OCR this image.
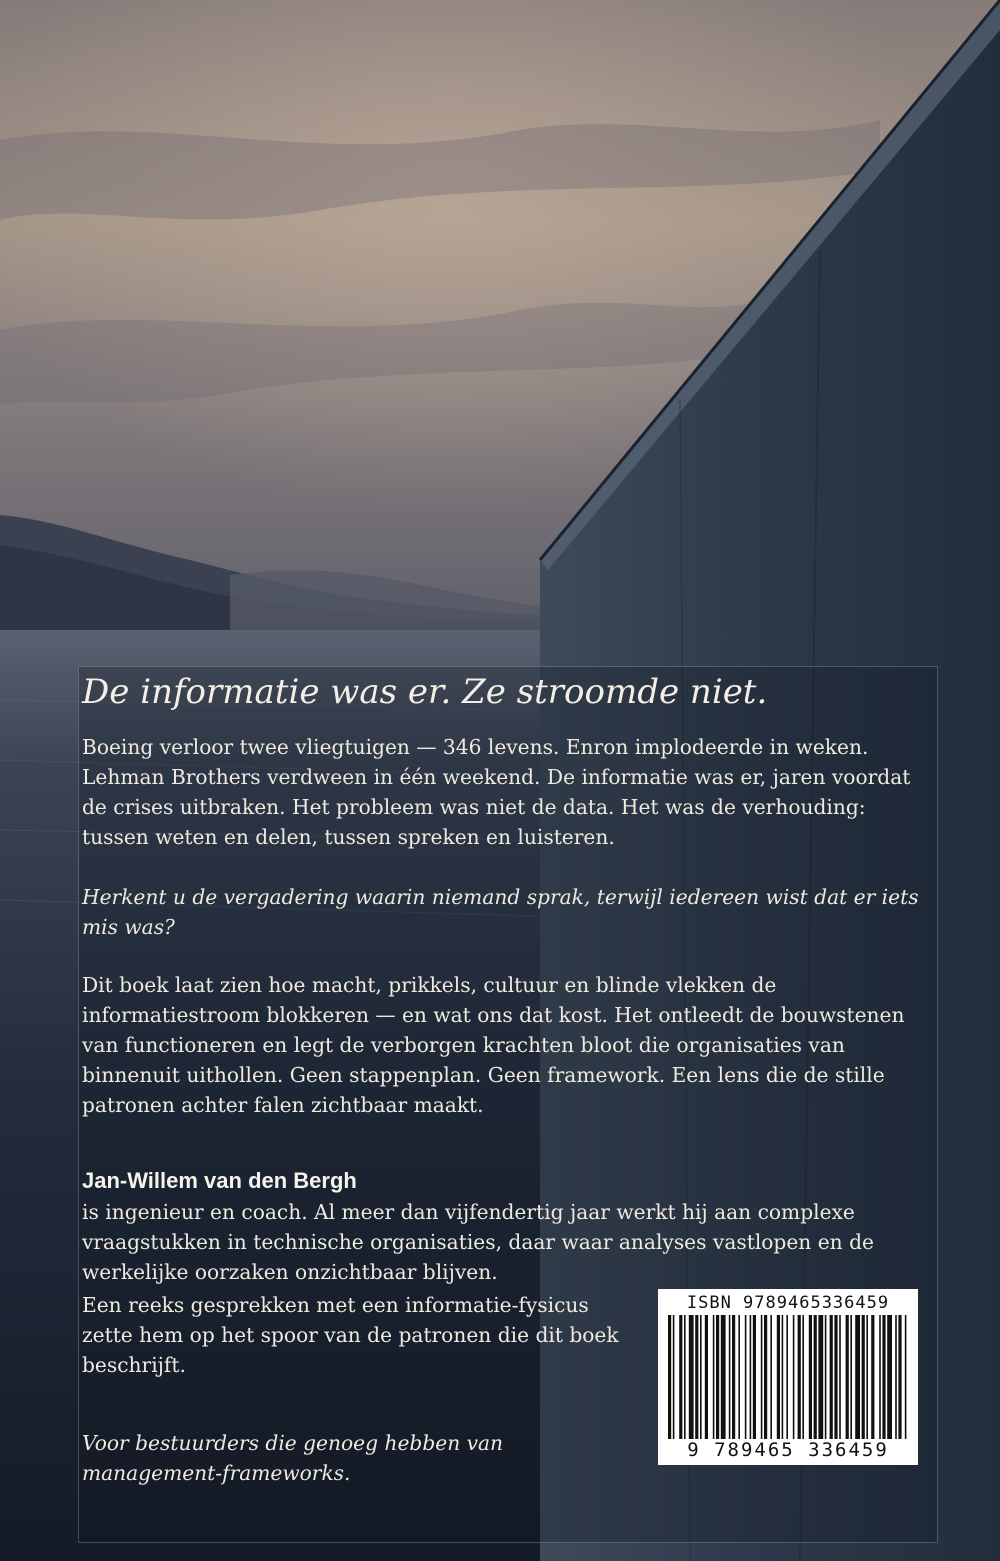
De informatie was er. Ze stroomde niet.

Boeing verloor twee vliegtuigen — 346 levens. Enron implodeerde in weken. Lehman Brothers verdween in één weekend. De informatie was er, jaren voordat de crises uitbraken. Het probleem was niet de data. Het was de verhouding: tussen weten en delen, tussen spreken en luisteren.

Herkent u de vergadering waarin niemand sprak, terwijl iedereen wist dat er iets mis was?

Dit boek laat zien hoe macht, prikkels, cultuur en blinde vlekken de informatiestroom blokkeren — en wat ons dat kost. Het ontleedt de bouwstenen van functioneren en legt de verborgen krachten bloot die organisaties van binnenuit uithollen. Geen stappenplan. Geen framework. Een lens die de stille patronen achter falen zichtbaar maakt.

Jan-Willem van den Bergh

is ingenieur en coach. Al meer dan vijfendertig jaar werkt hij aan complexe vraagstukken in technische organisaties, daar waar analyses vastlopen en de werkelijke oorzaken onzichtbaar blijven.

Een reeks gesprekken met een informatie-fysicus zette hem op het spoor van de patronen die dit boek beschrijft.

Voor bestuurders die genoeg hebben van management-frameworks.

ISBN 9789465336459
9 789465 336459
